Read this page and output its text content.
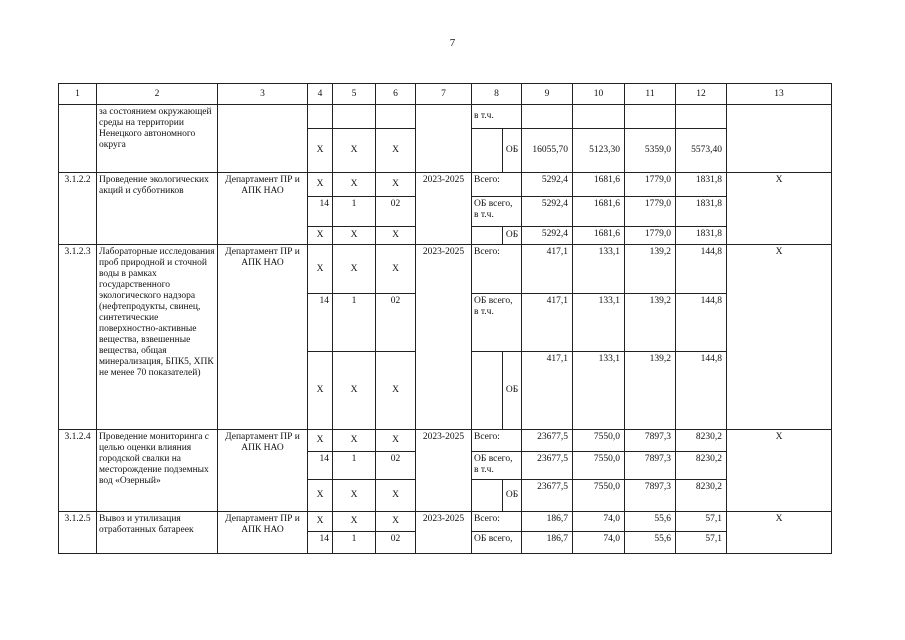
7
1	2	3	4	5	6	7	8		9	10	11	12	13
	за состоянием окружающей среды на территории Ненецкого автономного округа						в т.ч.						
			Х	Х	Х			ОБ	16055,70	5123,30	5359,0	5573,40	
3.1.2.2	Проведение экологических акций и субботников	Департамент ПР и АПК НАО	Х	Х	Х	2023-2025	Всего:		5292,4	1681,6	1779,0	1831,8	Х
			14	1	02		ОБ всего, в т.ч.		5292,4	1681,6	1779,0	1831,8	
			Х	Х	Х			ОБ	5292,4	1681,6	1779,0	1831,8	
3.1.2.3	Лабораторные исследования проб природной и сточной воды в рамках государственного экологического надзора (нефтепродукты, свинец, синтетические поверхностно-активные вещества, взвешенные вещества, общая минерализация, БПК5, ХПК не менее 70 показателей)	Департамент ПР и АПК НАО	Х	Х	Х	2023-2025	Всего:		417,1	133,1	139,2	144,8	Х
			14	1	02		ОБ всего, в т.ч.		417,1	133,1	139,2	144,8	
			Х	Х	Х			ОБ	417,1	133,1	139,2	144,8	
3.1.2.4	Проведение мониторинга с целью оценки влияния городской свалки на месторождение подземных вод «Озерный»	Департамент ПР и АПК НАО	Х	Х	Х	2023-2025	Всего:		23677,5	7550,0	7897,3	8230,2	Х
			14	1	02		ОБ всего, в т.ч.		23677,5	7550,0	7897,3	8230,2	
			Х	Х	Х			ОБ	23677,5	7550,0	7897,3	8230,2	
3.1.2.5	Вывоз и утилизация отработанных батареек	Департамент ПР и АПК НАО	Х	Х	Х	2023-2025	Всего:		186,7	74,0	55,6	57,1	Х
			14	1	02		ОБ всего,		186,7	74,0	55,6	57,1	
